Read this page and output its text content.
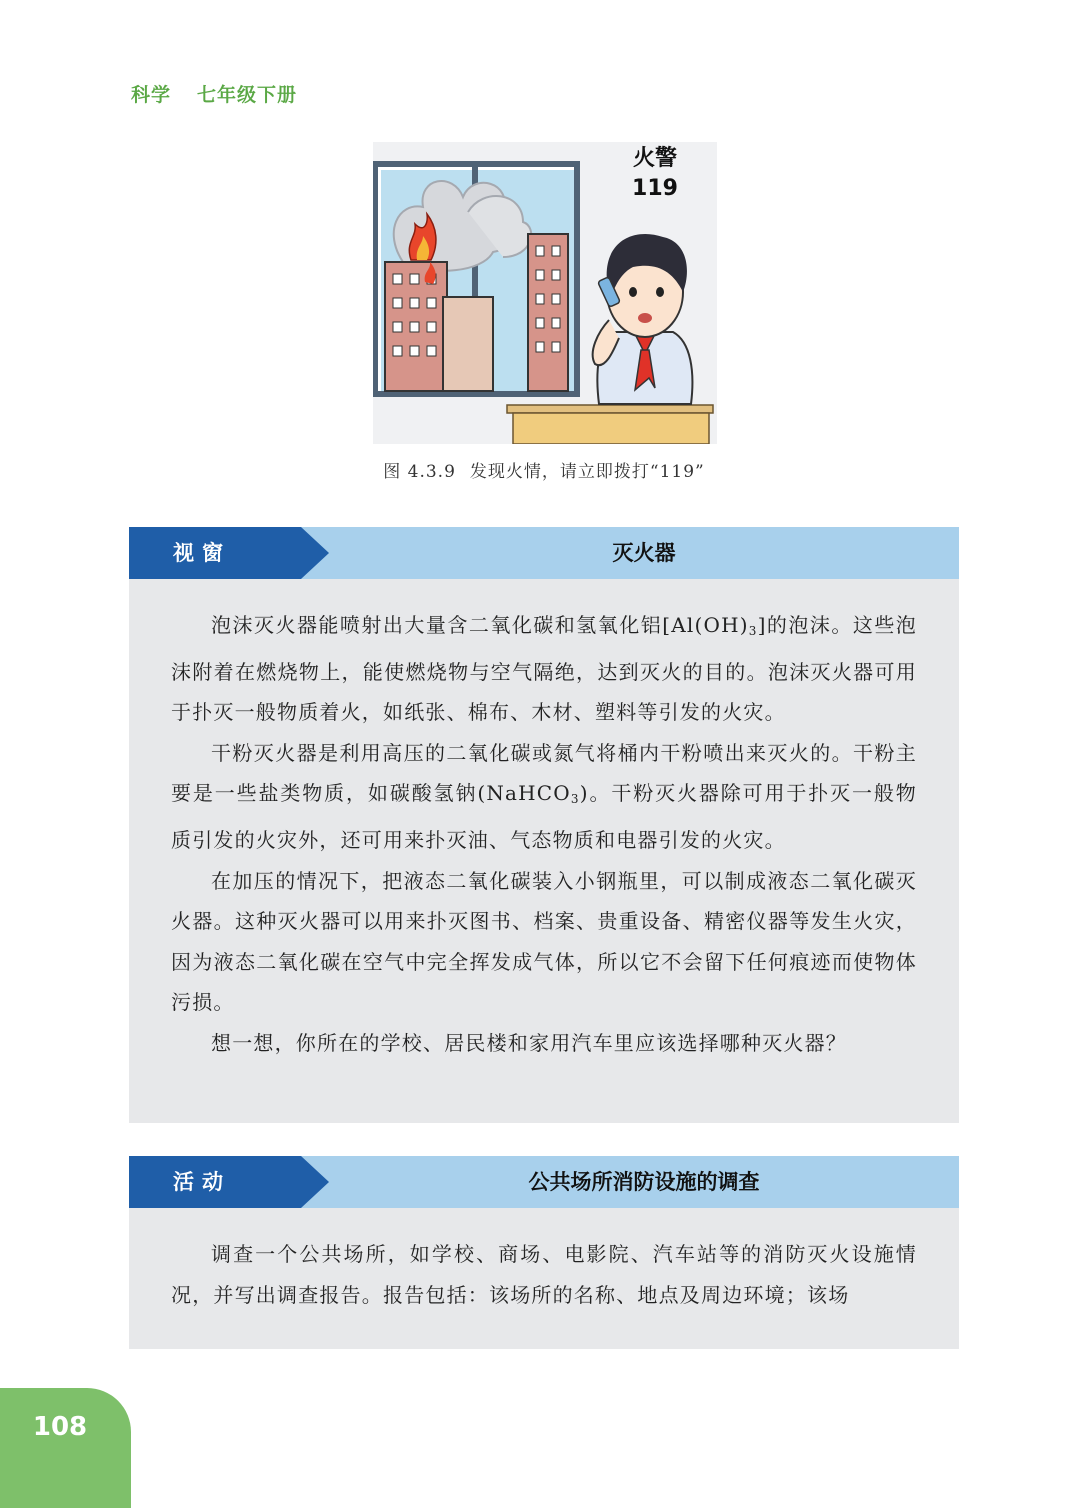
科学 七年级下册
火警
119
图 4.3.9 发现火情，请立即拨打“119”
视窗	灭火器

泡沫灭火器能喷射出大量含二氧化碳和氢氧化铝$[Al(OH)_3]$的泡沫。这些泡沫附着在燃烧物上，能使燃烧物与空气隔绝，达到灭火的目的。泡沫灭火器可用于扑灭一般物质着火，如纸张、棉布、木材、塑料等引发的火灾。

干粉灭火器是利用高压的二氧化碳或氮气将桶内干粉喷出来灭火的。干粉主要是一些盐类物质，如碳酸氢钠(NaHCO$_3$)。干粉灭火器除可用于扑灭一般物质引发的火灾外，还可用来扑灭油、气态物质和电器引发的火灾。

在加压的情况下，把液态二氧化碳装入小钢瓶里，可以制成液态二氧化碳灭火器。这种灭火器可以用来扑灭图书、档案、贵重设备、精密仪器等发生火灾，因为液态二氧化碳在空气中完全挥发成气体，所以它不会留下任何痕迹而使物体污损。

想一想，你所在的学校、居民楼和家用汽车里应该选择哪种灭火器？

活动	公共场所消防设施的调查

调查一个公共场所，如学校、商场、电影院、汽车站等的消防灭火设施情况，并写出调查报告。报告包括：该场所的名称、地点及周边环境；该场

108
